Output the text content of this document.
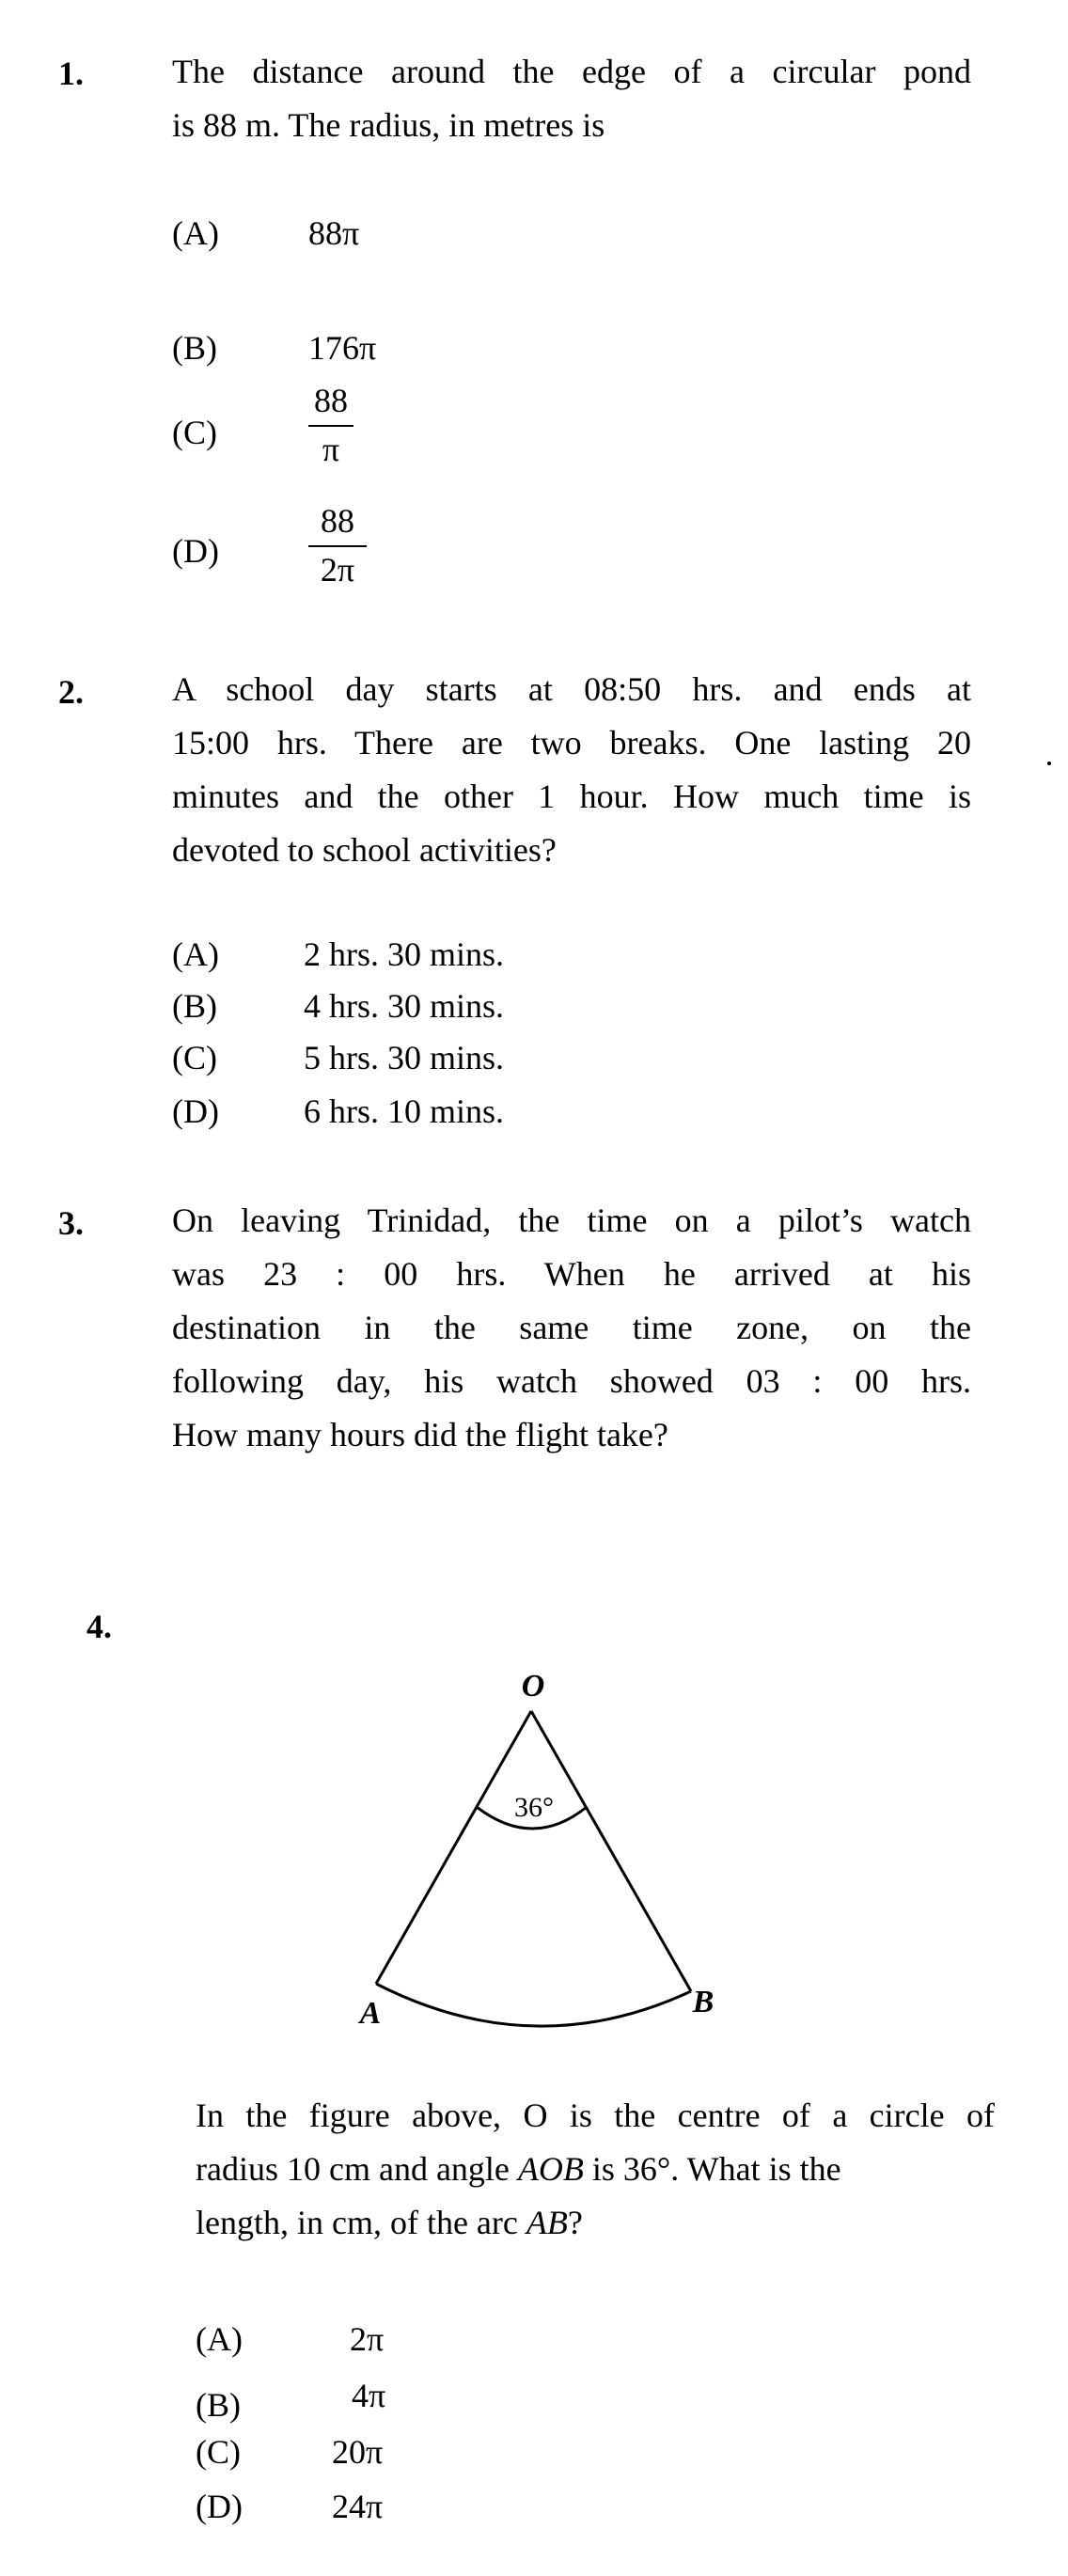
1.	The distance around the edge of a circular pond
is 88 m. The radius, in metres is
(A)	88π
(B)	176π
(C)
88
π
(D)
88
2π
2.	A school day starts at 08:50 hrs. and ends at
15:00 hrs. There are two breaks. One lasting 20
minutes and the other 1 hour. How much time is
devoted to school activities?
(A)	2 hrs. 30 mins.
(B)	4 hrs. 30 mins.
(C)	5 hrs. 30 mins.
(D)	6 hrs. 10 mins.
3.	On leaving Trinidad, the time on a pilot’s watch
was 23 : 00 hrs. When he arrived at his
destination in the same time zone, on the
following day, his watch showed 03 : 00 hrs.
How many hours did the flight take?
4.
O
36°
A	B
In the figure above, O is the centre of a circle of
radius 10 cm and angle AOB is 36°. What is the
length, in cm, of the arc AB?
(A)	2π
(B)	4π
(C)	20π
(D)	24π
